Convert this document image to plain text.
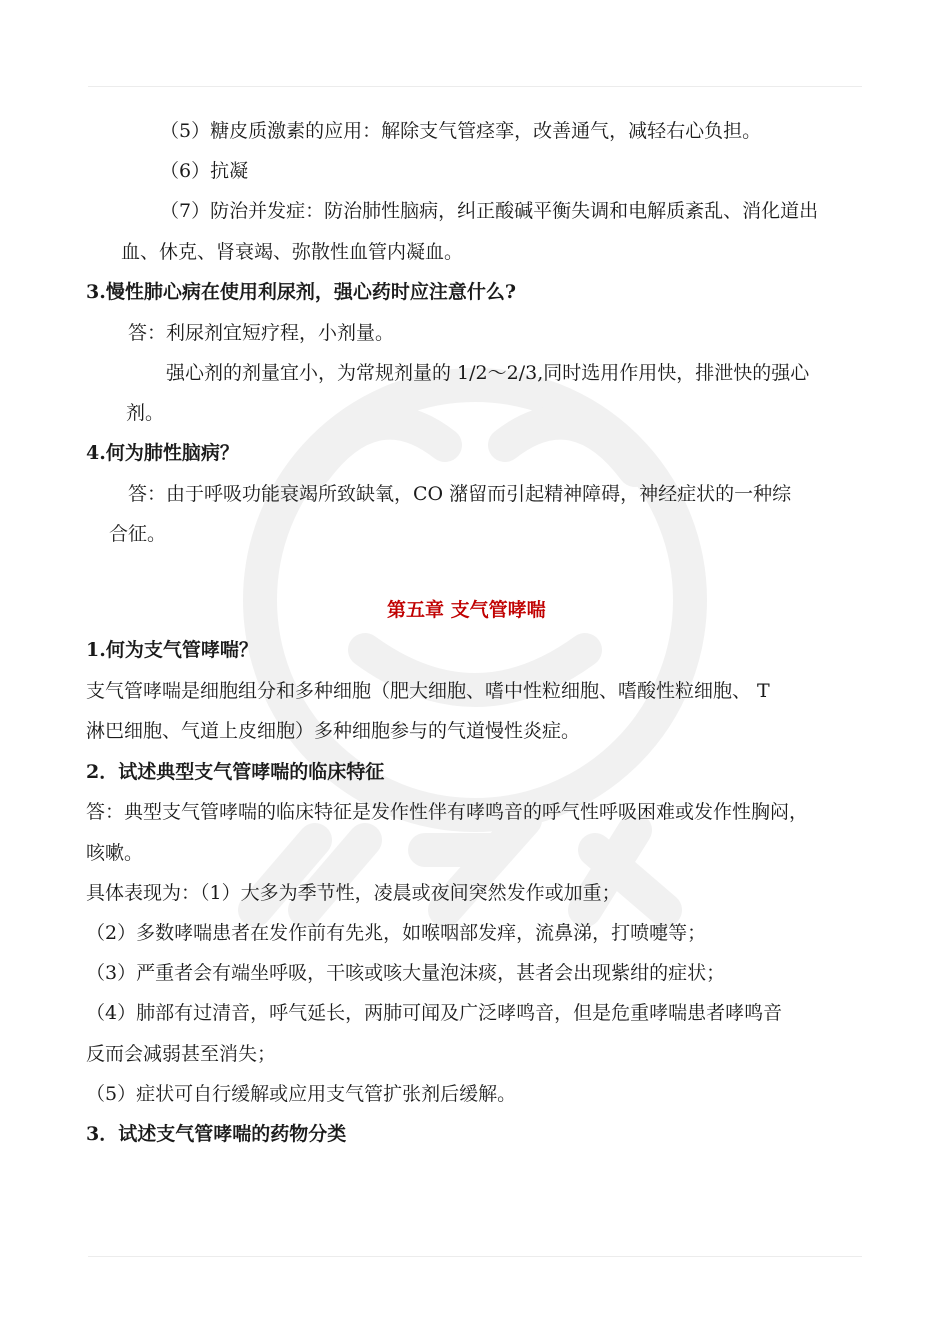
（5）糖皮质激素的应用：解除支气管痉挛，改善通气，减轻右心负担。
（6）抗凝
（7）防治并发症：防治肺性脑病，纠正酸碱平衡失调和电解质紊乱、消化道出
血、休克、肾衰竭、弥散性血管内凝血。
3.慢性肺心病在使用利尿剂，强心药时应注意什么?
答：利尿剂宜短疗程，小剂量。
强心剂的剂量宜小，为常规剂量的 1/2～2/3,同时选用作用快，排泄快的强心
剂。
4.何为肺性脑病？
答：由于呼吸功能衰竭所致缺氧，CO 潴留而引起精神障碍，神经症状的一种综
合征。
第五章 支气管哮喘
1.何为支气管哮喘？
支气管哮喘是细胞组分和多种细胞（肥大细胞、嗜中性粒细胞、嗜酸性粒细胞、 T
淋巴细胞、气道上皮细胞）多种细胞参与的气道慢性炎症。
2．试述典型支气管哮喘的临床特征
答：典型支气管哮喘的临床特征是发作性伴有哮鸣音的呼气性呼吸困难或发作性胸闷，
咳嗽。
具体表现为：（1）大多为季节性，凌晨或夜间突然发作或加重；
（2）多数哮喘患者在发作前有先兆，如喉咽部发痒，流鼻涕，打喷嚏等；
（3）严重者会有端坐呼吸，干咳或咳大量泡沫痰，甚者会出现紫绀的症状；
（4）肺部有过清音，呼气延长，两肺可闻及广泛哮鸣音，但是危重哮喘患者哮鸣音
反而会减弱甚至消失；
（5）症状可自行缓解或应用支气管扩张剂后缓解。
3．试述支气管哮喘的药物分类
